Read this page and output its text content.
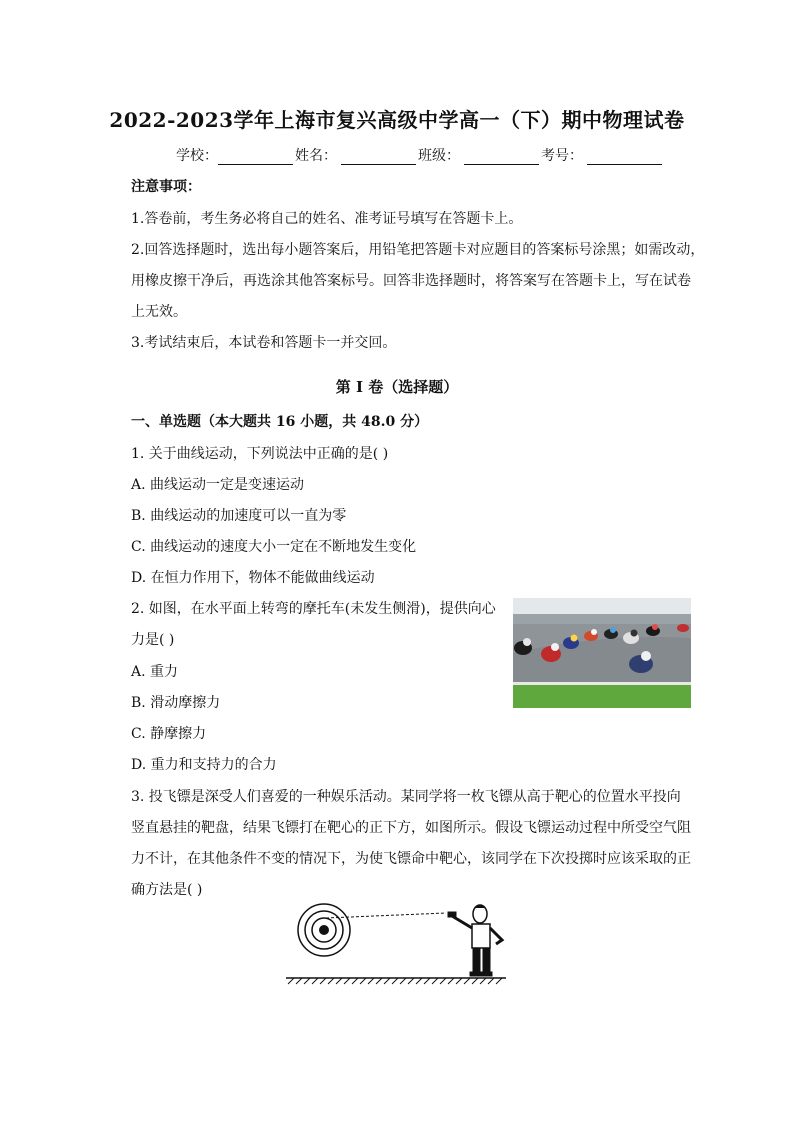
2022-2023学年上海市复兴高级中学高一（下）期中物理试卷
学校：	姓名：	班级：	考号：
注意事项：
1.答卷前，考生务必将自己的姓名、准考证号填写在答题卡上。
2.回答选择题时，选出每小题答案后，用铅笔把答题卡对应题目的答案标号涂黑；如需改动，
用橡皮擦干净后，再选涂其他答案标号。回答非选择题时，将答案写在答题卡上，写在试卷
上无效。
3.考试结束后，本试卷和答题卡一并交回。
第 I 卷（选择题）
一、单选题（本大题共 16 小题，共 48.0 分）
1. 关于曲线运动，下列说法中正确的是( )
A. 曲线运动一定是变速运动
B. 曲线运动的加速度可以一直为零
C. 曲线运动的速度大小一定在不断地发生变化
D. 在恒力作用下，物体不能做曲线运动
2. 如图，在水平面上转弯的摩托车(未发生侧滑)，提供向心
力是( )
A. 重力
B. 滑动摩擦力
C. 静摩擦力
D. 重力和支持力的合力
3. 投飞镖是深受人们喜爱的一种娱乐活动。某同学将一枚飞镖从高于靶心的位置水平投向
竖直悬挂的靶盘，结果飞镖打在靶心的正下方，如图所示。假设飞镖运动过程中所受空气阻
力不计，在其他条件不变的情况下，为使飞镖命中靶心，该同学在下次投掷时应该采取的正
确方法是( )
